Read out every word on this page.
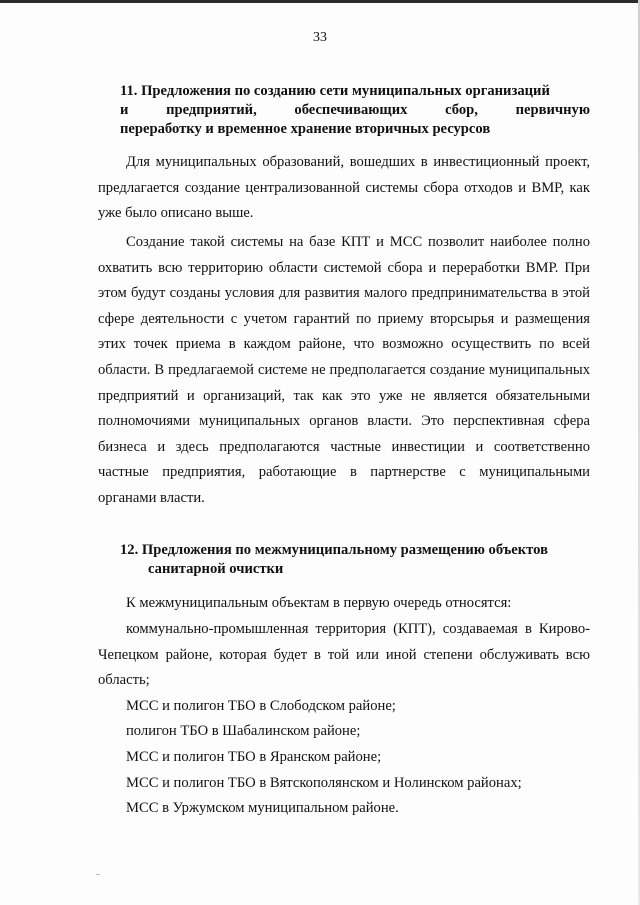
33
11. Предложения по созданию сети муниципальных организаций
и предприятий, обеспечивающих сбор, первичную
переработку и временное хранение вторичных ресурсов
Для муниципальных образований, вошедших в инвестиционный проект, предлагается создание централизованной системы сбора отходов и ВМР, как уже было описано выше.
Создание такой системы на базе КПТ и МСС позволит наиболее полно охватить всю территорию области системой сбора и переработки ВМР. При этом будут созданы условия для развития малого предпринимательства в этой сфере деятельности с учетом гарантий по приему вторсырья и размещения этих точек приема в каждом районе, что возможно осуществить по всей области. В предлагаемой системе не предполагается создание муниципальных предприятий и организаций, так как это уже не является обязательными полномочиями муниципальных органов власти. Это перспективная сфера бизнеса и здесь предполагаются частные инвестиции и соответственно частные предприятия, работающие в партнерстве с муниципальными органами власти.
12. Предложения по межмуниципальному размещению объектов
санитарной очистки
К межмуниципальным объектам в первую очередь относятся:
коммунально-промышленная территория (КПТ), создаваемая в Кирово-Чепецком районе, которая будет в той или иной степени обслуживать всю область;
МСС и полигон ТБО в Слободском районе;
полигон ТБО в Шабалинском районе;
МСС и полигон ТБО в Яранском районе;
МСС и полигон ТБО в Вятскополянском и Нолинском районах;
МСС в Уржумском муниципальном районе.
